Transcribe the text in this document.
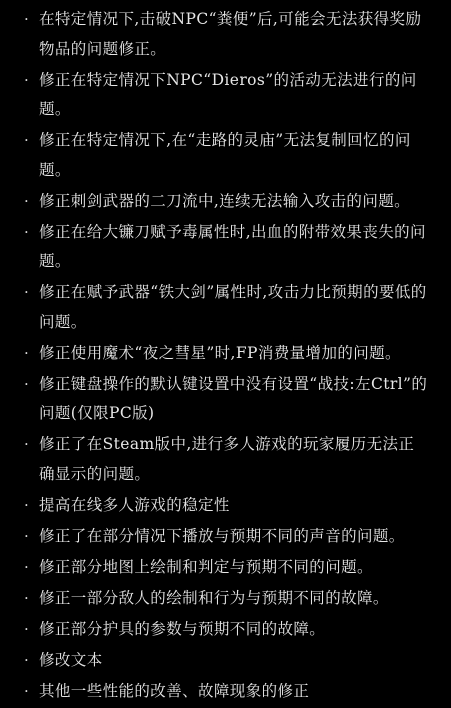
· 在特定情况下,击破NPC“粪便”后,可能会无法获得奖励物品的问题修正。
· 修正在特定情况下NPC“Dieros”的活动无法进行的问题。
· 修正在特定情况下,在“走路的灵庙”无法复制回忆的问题。
· 修正刺剑武器的二刀流中,连续无法输入攻击的问题。
· 修正在给大镰刀赋予毒属性时,出血的附带效果丧失的问题。
· 修正在赋予武器“铁大剑”属性时,攻击力比预期的要低的问题。
· 修正使用魔术“夜之彗星”时,FP消费量增加的问题。
· 修正键盘操作的默认键设置中没有设置“战技:左Ctrl”的问题(仅限PC版)
· 修正了在Steam版中,进行多人游戏的玩家履历无法正确显示的问题。
· 提高在线多人游戏的稳定性
· 修正了在部分情况下播放与预期不同的声音的问题。
· 修正部分地图上绘制和判定与预期不同的问题。
· 修正一部分敌人的绘制和行为与预期不同的故障。
· 修正部分护具的参数与预期不同的故障。
· 修改文本
· 其他一些性能的改善、故障现象的修正
